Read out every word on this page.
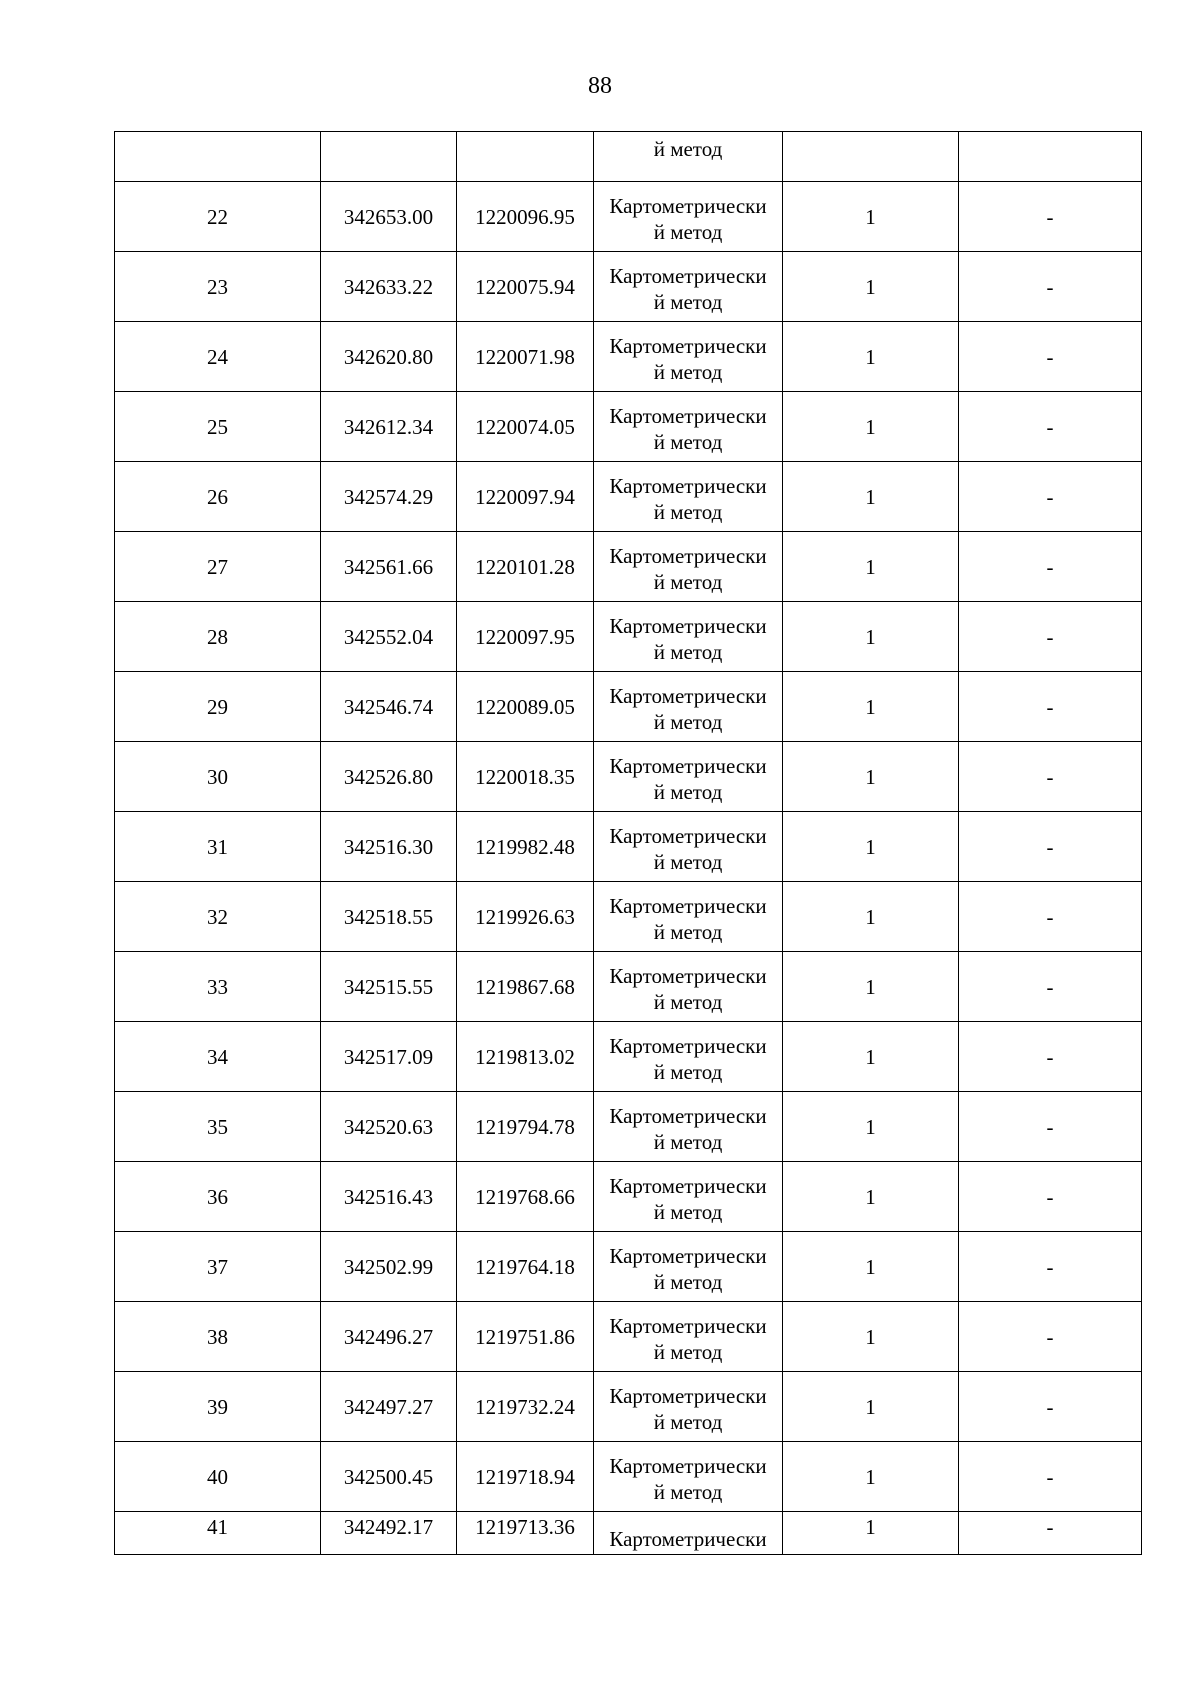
88
			й метод		
22	342653.00	1220096.95	Картометрически
й метод	1	-
23	342633.22	1220075.94	Картометрически
й метод	1	-
24	342620.80	1220071.98	Картометрически
й метод	1	-
25	342612.34	1220074.05	Картометрически
й метод	1	-
26	342574.29	1220097.94	Картометрически
й метод	1	-
27	342561.66	1220101.28	Картометрически
й метод	1	-
28	342552.04	1220097.95	Картометрически
й метод	1	-
29	342546.74	1220089.05	Картометрически
й метод	1	-
30	342526.80	1220018.35	Картометрически
й метод	1	-
31	342516.30	1219982.48	Картометрически
й метод	1	-
32	342518.55	1219926.63	Картометрически
й метод	1	-
33	342515.55	1219867.68	Картометрически
й метод	1	-
34	342517.09	1219813.02	Картометрически
й метод	1	-
35	342520.63	1219794.78	Картометрически
й метод	1	-
36	342516.43	1219768.66	Картометрически
й метод	1	-
37	342502.99	1219764.18	Картометрически
й метод	1	-
38	342496.27	1219751.86	Картометрически
й метод	1	-
39	342497.27	1219732.24	Картометрически
й метод	1	-
40	342500.45	1219718.94	Картометрически
й метод	1	-
41	342492.17	1219713.36	Картометрически	1	-
